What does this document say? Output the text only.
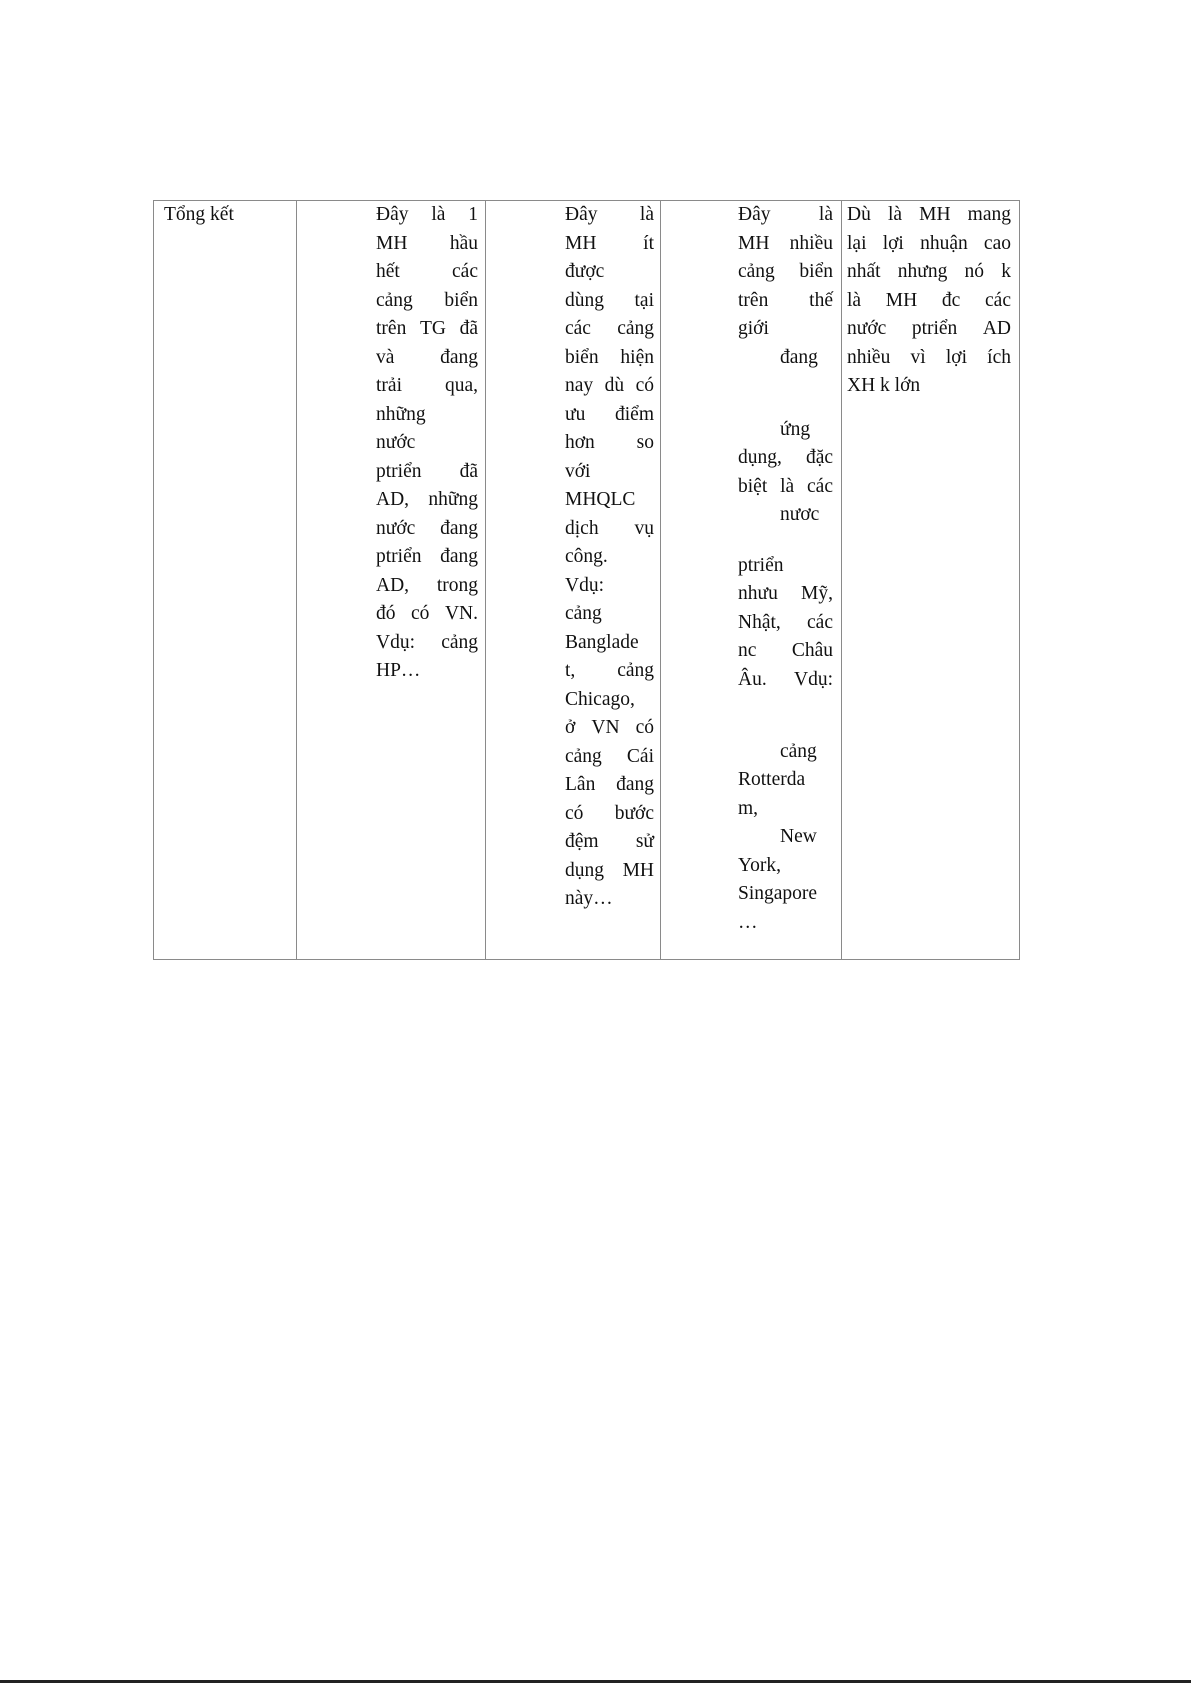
Tổng kết	Đây là 1
MH hầu
hết	các
cảng biển
trên TG đã
và đang
trải qua,
những
nước
ptriển đã
AD, những
nước đang
ptriển đang
AD, trong
đó có VN.
Vdụ: cảng
HP…
Đây là
MH ít
được
dùng tại
các cảng
biển hiện
nay dù có
ưu điểm
hơn so
với
MHQLC
dịch vụ
công.
Vdụ:
cảng
Banglade
t, cảng
Chicago,
ở VN có
cảng Cái
Lân đang
có bước
đệm sử
dụng MH
này…
Đây là
MH nhiều
cảng biển
trên thế
giới
đang
ứng
dụng, đặc
biệt là các
nươc
ptriển
nhưu Mỹ,
Nhật, các
nc Châu
Âu. Vdụ:
cảng
Rotterda
m,
New
York,
Singapore
…
Dù là MH mang
lại lợi nhuận cao
nhất nhưng nó k
là MH đc các
nước ptriển AD
nhiều vì lợi ích
XH k lớn
